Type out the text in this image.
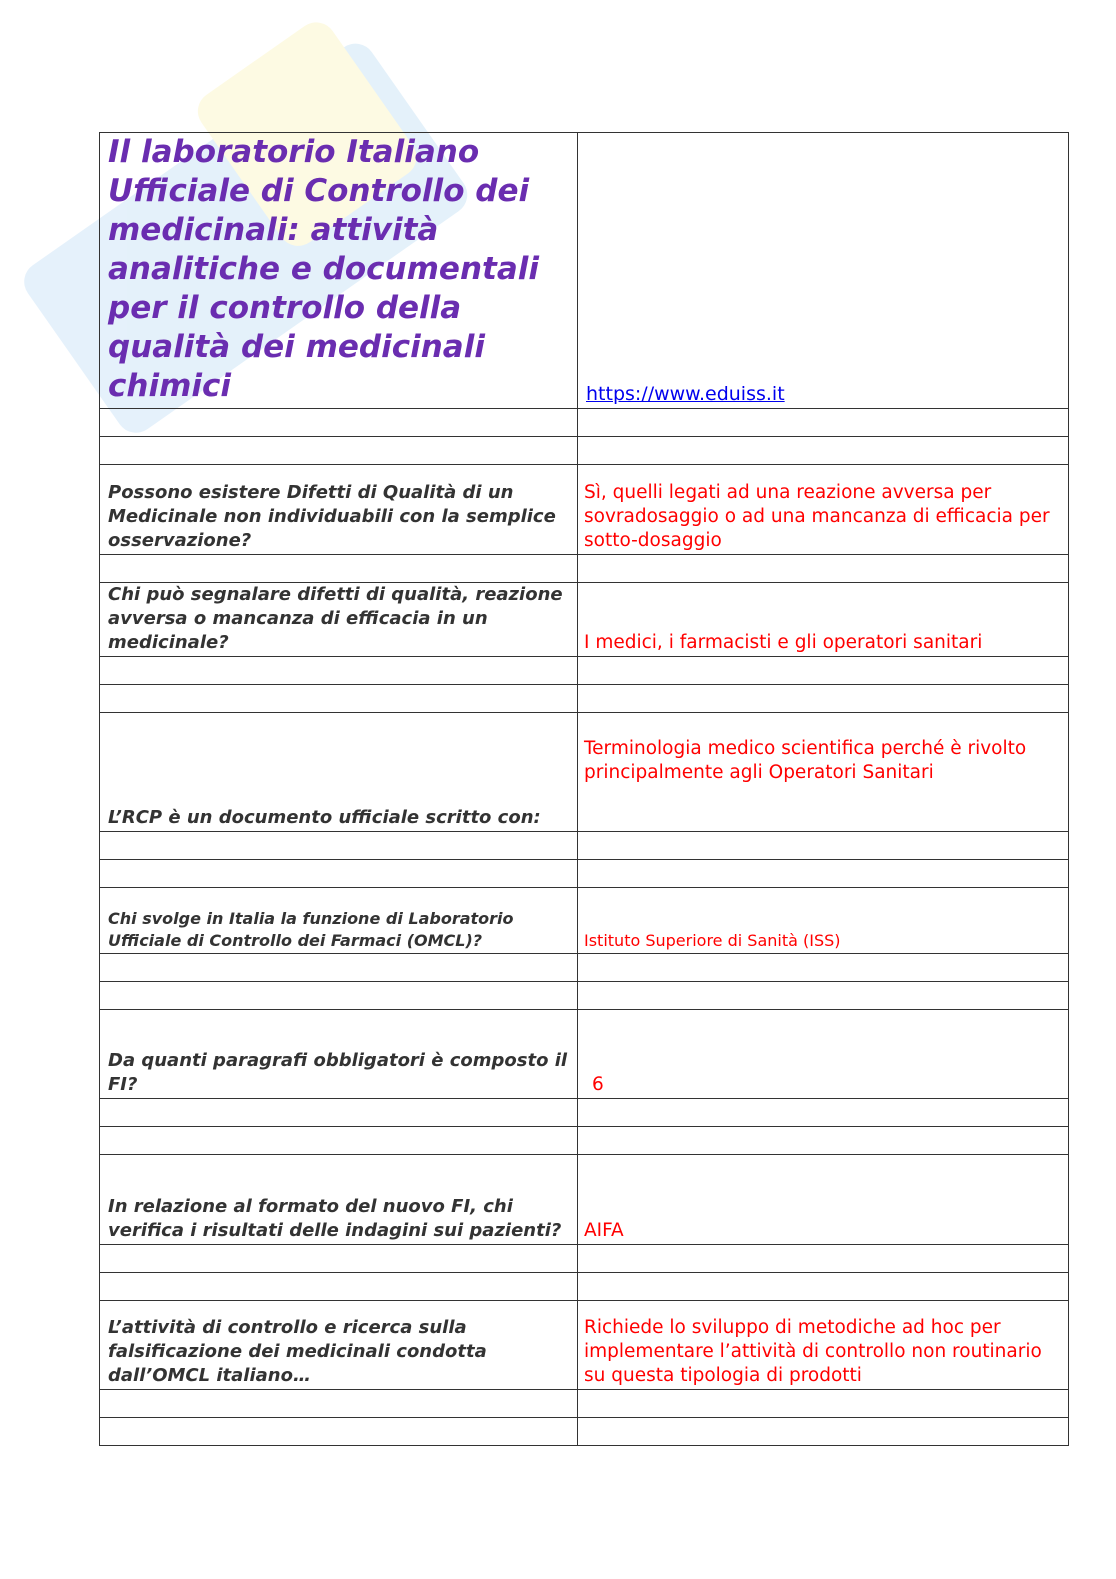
Il laboratorio Italiano Ufficiale di Controllo dei medicinali: attività analitiche e documentali per il controllo della qualità dei medicinali chimici	https://www.eduiss.it

Possono esistere Difetti di Qualità di un Medicinale non individuabili con la semplice osservazione?	Sì, quelli legati ad una reazione avversa per sovradosaggio o ad una mancanza di efficacia per sotto-dosaggio

Chi può segnalare difetti di qualità, reazione avversa o mancanza di efficacia in un medicinale?	I medici, i farmacisti e gli operatori sanitari

L’RCP è un documento ufficiale scritto con:	Terminologia medico scientifica perché è rivolto principalmente agli Operatori Sanitari

Chi svolge in Italia la funzione di Laboratorio Ufficiale di Controllo dei Farmaci (OMCL)?	Istituto Superiore di Sanità (ISS)

Da quanti paragrafi obbligatori è composto il FI?	6

In relazione al formato del nuovo FI, chi verifica i risultati delle indagini sui pazienti?	AIFA

L’attività di controllo e ricerca sulla falsificazione dei medicinali condotta dall’OMCL italiano…	Richiede lo sviluppo di metodiche ad hoc per implementare l’attività di controllo non routinario su questa tipologia di prodotti
